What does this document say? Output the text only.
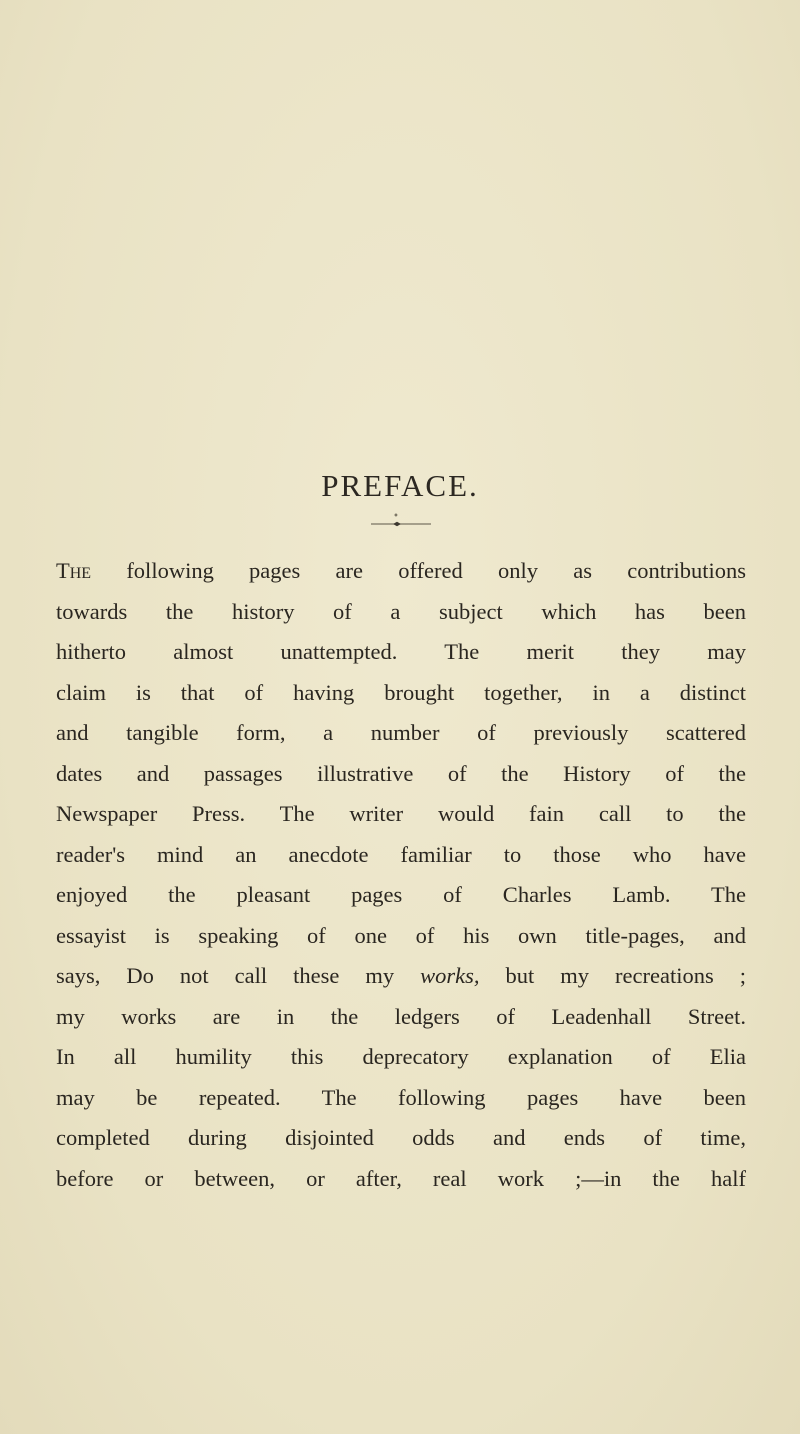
PREFACE.
•
The following pages are offered only as contributions
towards the history of a subject which has been
hitherto almost unattempted. The merit they may
claim is that of having brought together, in a distinct
and tangible form, a number of previously scattered
dates and passages illustrative of the History of the
Newspaper Press. The writer would fain call to the
reader's mind an anecdote familiar to those who have
enjoyed the pleasant pages of Charles Lamb. The
essayist is speaking of one of his own title-pages, and
says, Do not call these my works, but my recreations ;
my works are in the ledgers of Leadenhall Street.
In all humility this deprecatory explanation of Elia
may be repeated. The following pages have been
completed during disjointed odds and ends of time,
before or between, or after, real work ;—in the half
